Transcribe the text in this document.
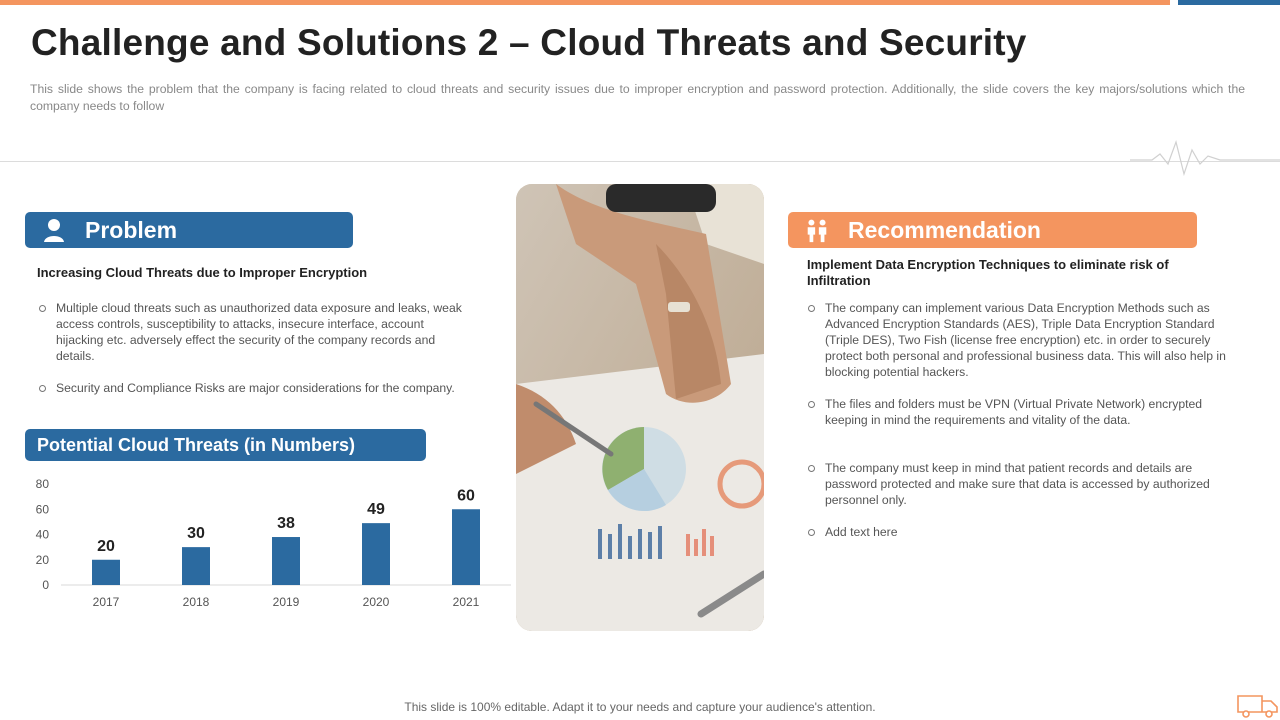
Challenge and Solutions 2 – Cloud Threats and Security

This slide shows the problem that the company is facing related to cloud threats and security issues due to improper encryption and password protection. Additionally, the slide covers the key majors/solutions which the company needs to follow

Problem
Increasing Cloud Threats due to Improper Encryption
Multiple cloud threats such as unauthorized data exposure and leaks, weak access controls, susceptibility to attacks, insecure interface, account hijacking etc. adversely effect the security of the company records and details.
Security and Compliance Risks are major considerations for the company.
Potential Cloud Threats (in Numbers)
0
20
40
60
80
20
2017
30
2018
38
2019
49
2020
60
2021
Recommendation
Implement Data Encryption Techniques to eliminate risk of Infiltration
The company can implement various Data Encryption Methods such as Advanced Encryption Standards (AES), Triple Data Encryption Standard (Triple DES), Two Fish (license free encryption) etc. in order to securely protect both personal and professional business data. This will also help in blocking potential hackers.
The files and folders must be VPN (Virtual Private Network) encrypted keeping in mind the requirements and vitality of the data.
The company must keep in mind that patient records and details are password protected and make sure that data is accessed by authorized personnel only.
Add text here
This slide is 100% editable. Adapt it to your needs and capture your audience's attention.
